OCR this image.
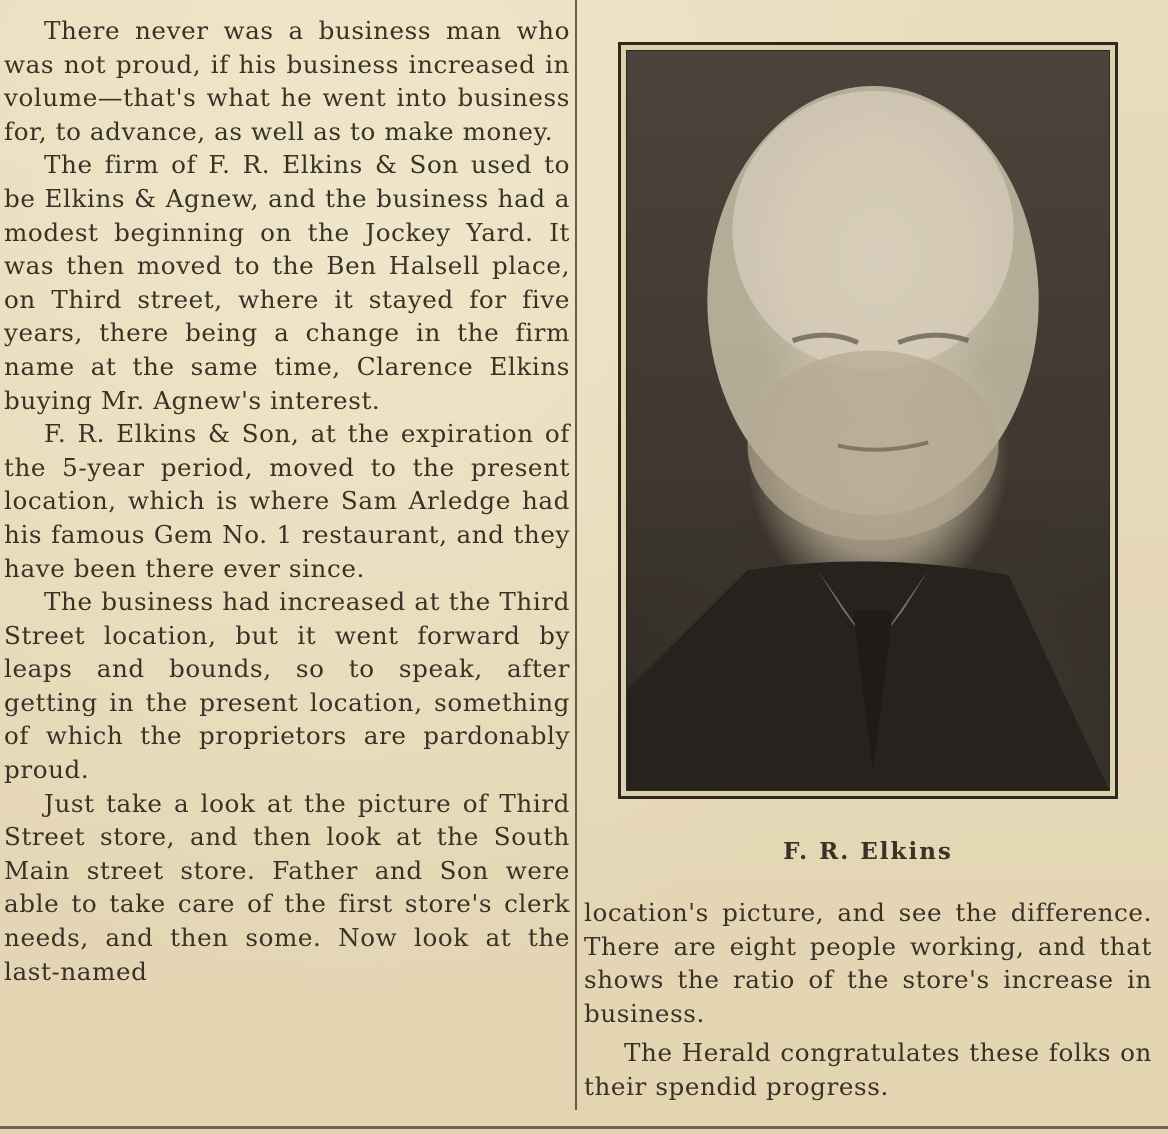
There never was a business man who was not proud, if his business increased in volume—that's what he went into business for, to advance, as well as to make money.

The firm of F. R. Elkins & Son used to be Elkins & Agnew, and the business had a modest beginning on the Jockey Yard. It was then moved to the Ben Halsell place, on Third street, where it stayed for five years, there being a change in the firm name at the same time, Clarence Elkins buying Mr. Agnew's interest.

F. R. Elkins & Son, at the expiration of the 5-year period, moved to the present location, which is where Sam Arledge had his famous Gem No. 1 restaurant, and they have been there ever since.

The business had increased at the Third Street location, but it went forward by leaps and bounds, so to speak, after getting in the present location, something of which the proprietors are pardonably proud.

Just take a look at the picture of Third Street store, and then look at the South Main street store. Father and Son were able to take care of the first store's clerk needs, and then some. Now look at the last-named

F. R. Elkins

location's picture, and see the difference. There are eight people working, and that shows the ratio of the store's increase in business.

The Herald congratulates these folks on their spendid progress.
